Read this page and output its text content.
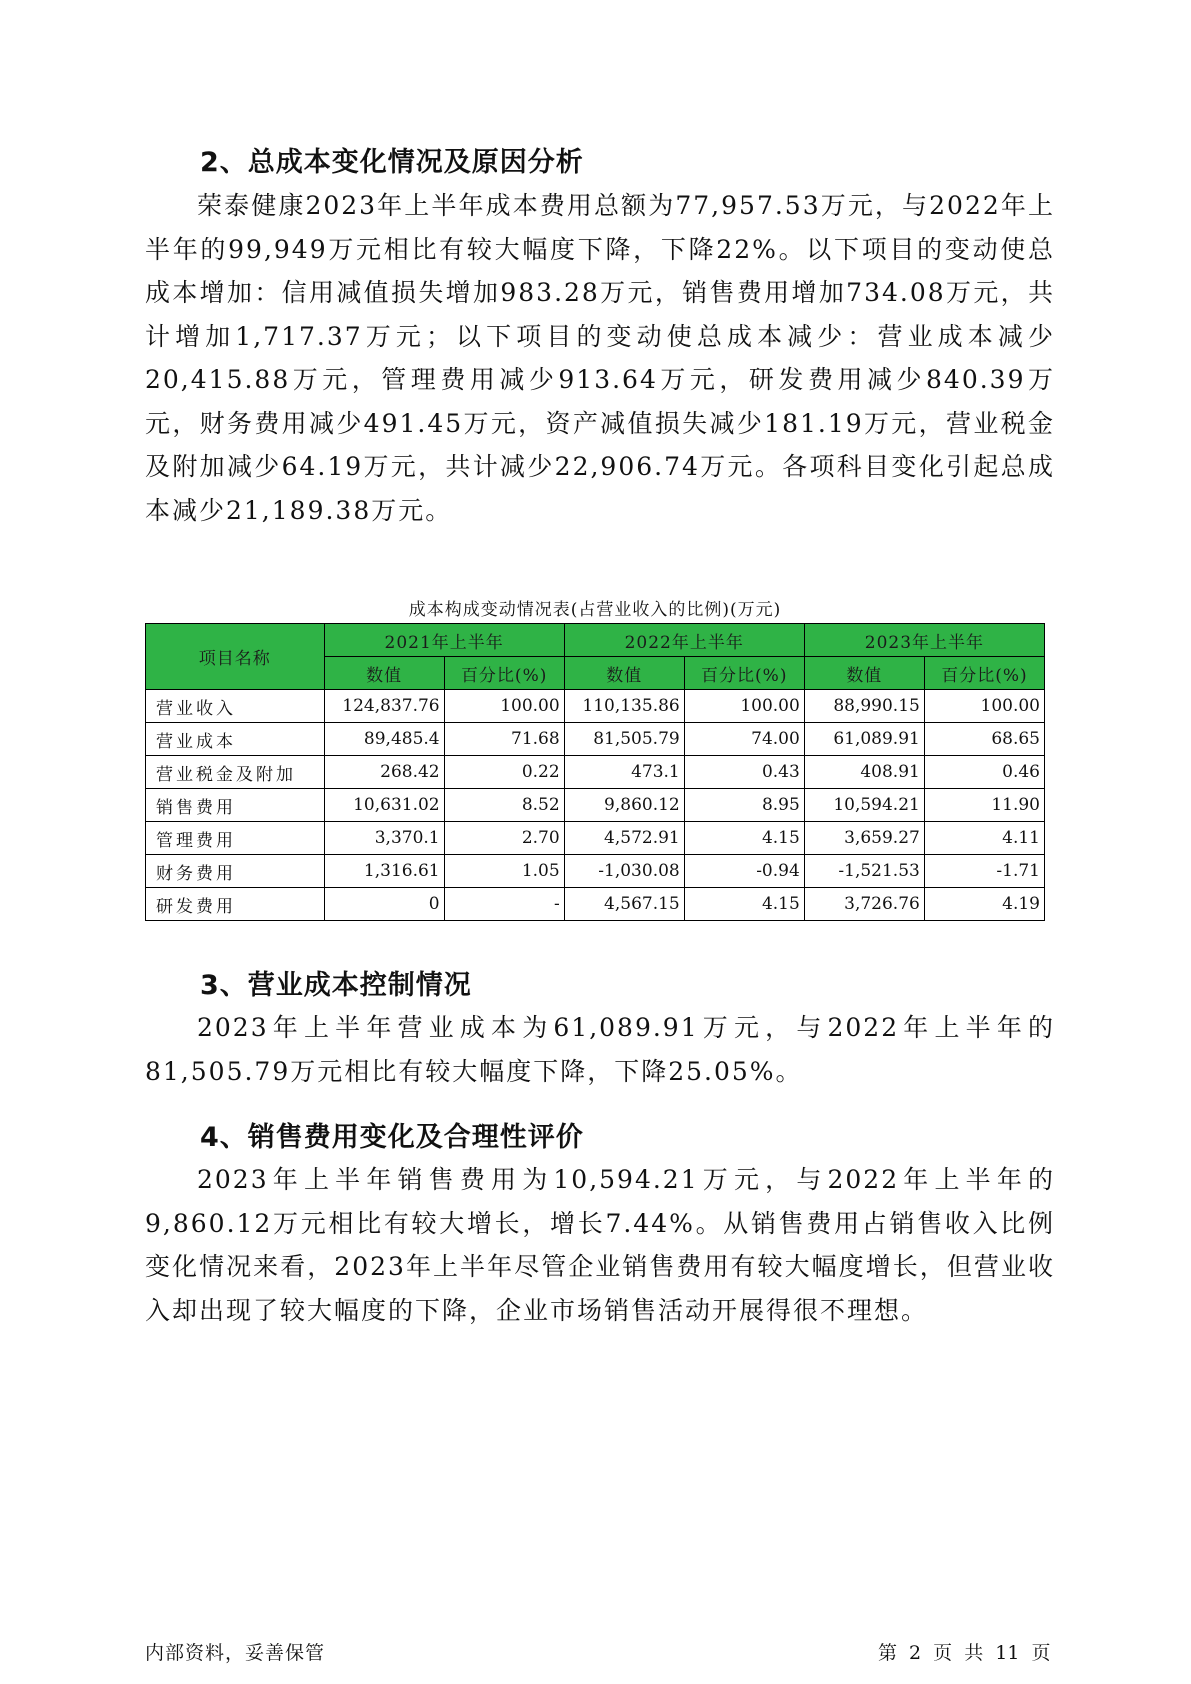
2、总成本变化情况及原因分析

荣泰健康2023年上半年成本费用总额为77,957.53万元，与2022年上半年的99,949万元相比有较大幅度下降，下降22%。以下项目的变动使总成本增加：信用减值损失增加983.28万元，销售费用增加734.08万元，共计增加1,717.37万元；以下项目的变动使总成本减少：营业成本减少20,415.88万元，管理费用减少913.64万元，研发费用减少840.39万元，财务费用减少491.45万元，资产减值损失减少181.19万元，营业税金及附加减少64.19万元，共计减少22,906.74万元。各项科目变化引起总成本减少21,189.38万元。

成本构成变动情况表(占营业收入的比例)(万元)

项目名称	2021年上半年		2022年上半年		2023年上半年	
	数值	百分比(%)	数值	百分比(%)	数值	百分比(%)
营业收入	124,837.76	100.00	110,135.86	100.00	88,990.15	100.00
营业成本	89,485.4	71.68	81,505.79	74.00	61,089.91	68.65
营业税金及附加	268.42	0.22	473.1	0.43	408.91	0.46
销售费用	10,631.02	8.52	9,860.12	8.95	10,594.21	11.90
管理费用	3,370.1	2.70	4,572.91	4.15	3,659.27	4.11
财务费用	1,316.61	1.05	-1,030.08	-0.94	-1,521.53	-1.71
研发费用	0	-	4,567.15	4.15	3,726.76	4.19
3、营业成本控制情况

2023年上半年营业成本为61,089.91万元，与2022年上半年的81,505.79万元相比有较大幅度下降，下降25.05%。

4、销售费用变化及合理性评价

2023年上半年销售费用为10,594.21万元，与2022年上半年的9,860.12万元相比有较大增长，增长7.44%。从销售费用占销售收入比例变化情况来看，2023年上半年尽管企业销售费用有较大幅度增长，但营业收入却出现了较大幅度的下降，企业市场销售活动开展得很不理想。

内部资料，妥善保管	第 2 页 共 11 页
